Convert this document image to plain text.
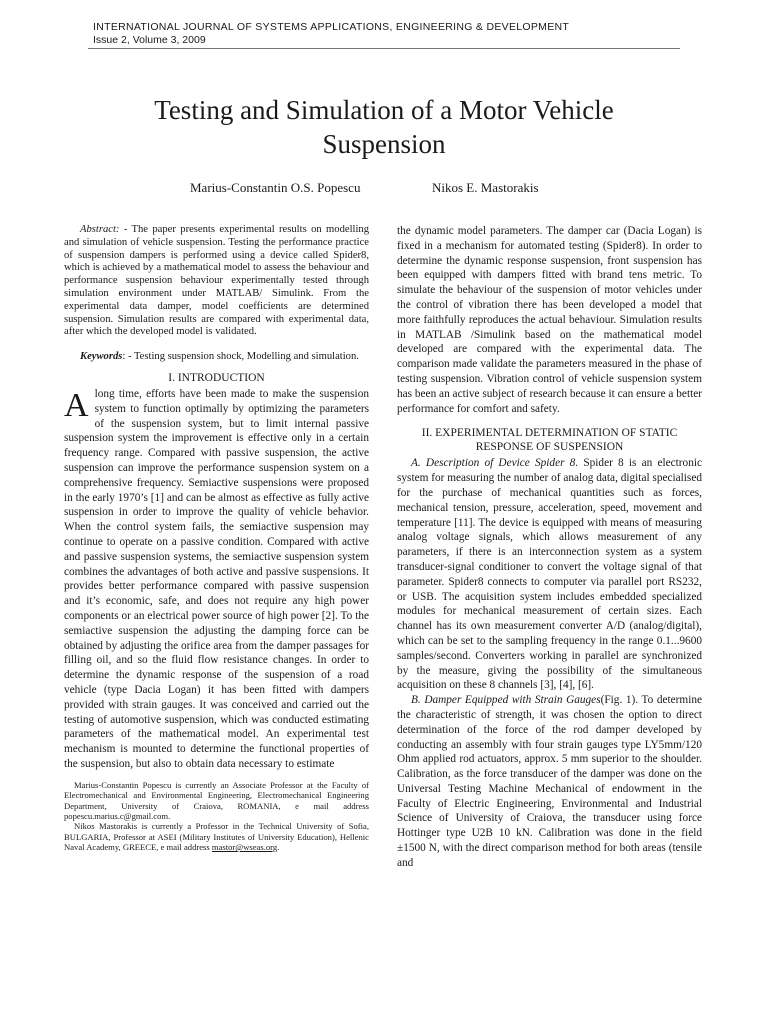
INTERNATIONAL JOURNAL OF SYSTEMS APPLICATIONS, ENGINEERING & DEVELOPMENT
Issue 2, Volume 3, 2009
Testing and Simulation of a Motor Vehicle Suspension
Marius-Constantin O.S. Popescu	Nikos E. Mastorakis
Abstract: - The paper presents experimental results on modelling and simulation of vehicle suspension. Testing the performance practice of suspension dampers is performed using a device called Spider8, which is achieved by a mathematical model to assess the behaviour and performance suspension behaviour experimentally tested through simulation environment under MATLAB/ Simulink. From the experimental data damper, model coefficients are determined suspension. Simulation results are compared with experimental data, after which the developed model is validated.
Keywords: - Testing suspension shock, Modelling and simulation.
I. INTRODUCTION
Along time, efforts have been made to make the suspension system to function optimally by optimizing the parameters of the suspension system, but to limit internal passive suspension system the improvement is effective only in a certain frequency range. Compared with passive suspension, the active suspension can improve the performance suspension system on a comprehensive frequency. Semiactive suspensions were proposed in the early 1970’s [1] and can be almost as effective as fully active suspension in order to improve the quality of vehicle behavior. When the control system fails, the semiactive suspension may continue to operate on a passive condition. Compared with active and passive suspension systems, the semiactive suspension system combines the advantages of both active and passive suspensions. It provides better performance compared with passive suspension and it’s economic, safe, and does not require any high power components or an electrical power source of high power [2]. To the semiactive suspension the adjusting the damping force can be obtained by adjusting the orifice area from the damper passages for filling oil, and so the fluid flow resistance changes. In order to determine the dynamic response of the suspension of a road vehicle (type Dacia Logan) it has been fitted with dampers provided with strain gauges. It was conceived and carried out the testing of automotive suspension, which was conducted estimating parameters of the mathematical model. An experimental test mechanism is mounted to determine the functional properties of the suspension, but also to obtain data necessary to estimate

Marius-Constantin Popescu is currently an Associate Professor at the Faculty of Electromechanical and Environmental Engineering, Electromechanical Engineering Department, University of Craiova, ROMANIA, e mail address popescu.marius.c@gmail.com.

Nikos Mastorakis is currently a Professor in the Technical University of Sofia, BULGARIA, Professor at ASEI (Military Institutes of University Education), Hellenic Naval Academy, GREECE, e mail address mastor@wseas.org.

the dynamic model parameters. The damper car (Dacia Logan) is fixed in a mechanism for automated testing (Spider8). In order to determine the dynamic response suspension, front suspension has been equipped with dampers fitted with brand tens metric. To simulate the behaviour of the suspension of motor vehicles under the control of vibration there has been developed a model that more faithfully reproduces the actual behaviour. Simulation results in MATLAB /Simulink based on the mathematical model developed are compared with the experimental data. The comparison made validate the parameters measured in the phase of testing suspension. Vibration control of vehicle suspension system has been an active subject of research because it can ensure a better performance for comfort and safety.

II. EXPERIMENTAL DETERMINATION OF STATIC RESPONSE OF SUSPENSION

A. Description of Device Spider 8. Spider 8 is an electronic system for measuring the number of analog data, digital specialised for the purchase of mechanical quantities such as forces, mechanical tension, pressure, acceleration, speed, movement and temperature [11]. The device is equipped with means of measuring analog voltage signals, which allows measurement of any parameters, if there is an interconnection system as a system transducer-signal conditioner to convert the voltage signal of that parameter. Spider8 connects to computer via parallel port RS232, or USB. The acquisition system includes embedded specialized modules for mechanical measurement of certain sizes. Each channel has its own measurement converter A/D (analog/digital), which can be set to the sampling frequency in the range 0.1...9600 samples/second. Converters working in parallel are synchronized by the measure, giving the possibility of the simultaneous acquisition on these 8 channels [3], [4], [6].

B. Damper Equipped with Strain Gauges(Fig. 1). To determine the characteristic of strength, it was chosen the option to direct determination of the force of the rod damper developed by conducting an assembly with four strain gauges type LY5mm/120 Ohm applied rod actuators, approx. 5 mm superior to the shoulder. Calibration, as the force transducer of the damper was done on the Universal Testing Machine Mechanical of endowment in the Faculty of Electric Engineering, Environmental and Industrial Science of University of Craiova, the transducer using force Hottinger type U2B 10 kN. Calibration was done in the field ±1500 N, with the direct comparison method for both areas (tensile and
